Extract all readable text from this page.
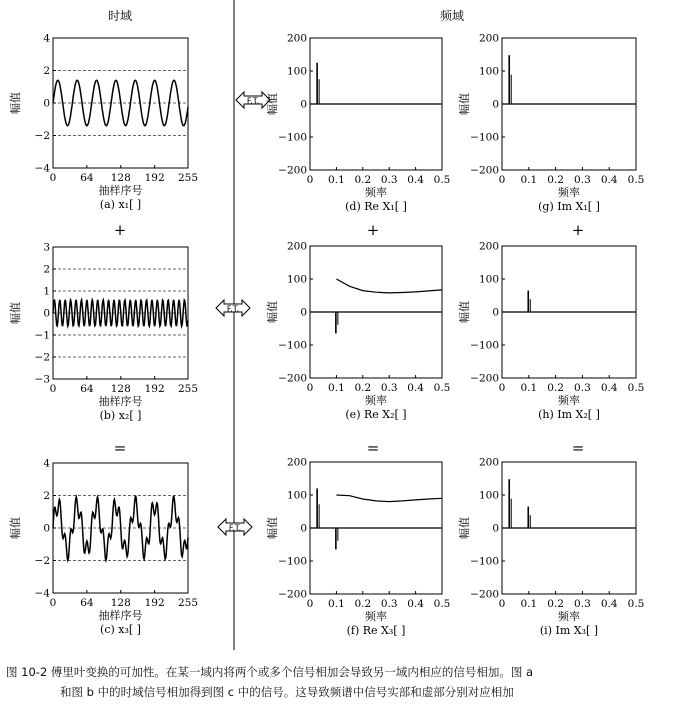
时域	频域
F.T.
F.T.
F.T.
+	+	+
=	=	=
−4
−2
0
2
4
0 64 128 192 255
抽样序号
幅值
(a) x₁[ ]
−3
−2
−1
0
1
2
3
0 64 128 192 255
抽样序号
幅值
(b) x₂[ ]
−4
−2
0
2
4
0 64 128 192 255
抽样序号
幅值
(c) x₃[ ]
−200
−100
0
100
200
0 0.1 0.2 0.3 0.4 0.5
频率
幅值
(d) Re X₁[ ]
−200
−100
0
100
200
0 0.1 0.2 0.3 0.4 0.5
频率
幅值
(e) Re X₂[ ]
−200
−100
0
100
200
0 0.1 0.2 0.3 0.4 0.5
频率
幅值
(f) Re X₃[ ]
−200
−100
0
100
200
0 0.1 0.2 0.3 0.4 0.5
频率
幅值
(g) Im X₁[ ]
−200
−100
0
100
200
0 0.1 0.2 0.3 0.4 0.5
频率
幅值
(h) Im X₂[ ]
−200
−100
0
100
200
0 0.1 0.2 0.3 0.4 0.5
频率
幅值
(i) Im X₃[ ]
图 10-2 傅里叶变换的可加性。在某一域内将两个或多个信号相加会导致另一域内相应的信号相加。图 a
和图 b 中的时域信号相加得到图 c 中的信号。这导致频谱中信号实部和虚部分别对应相加
